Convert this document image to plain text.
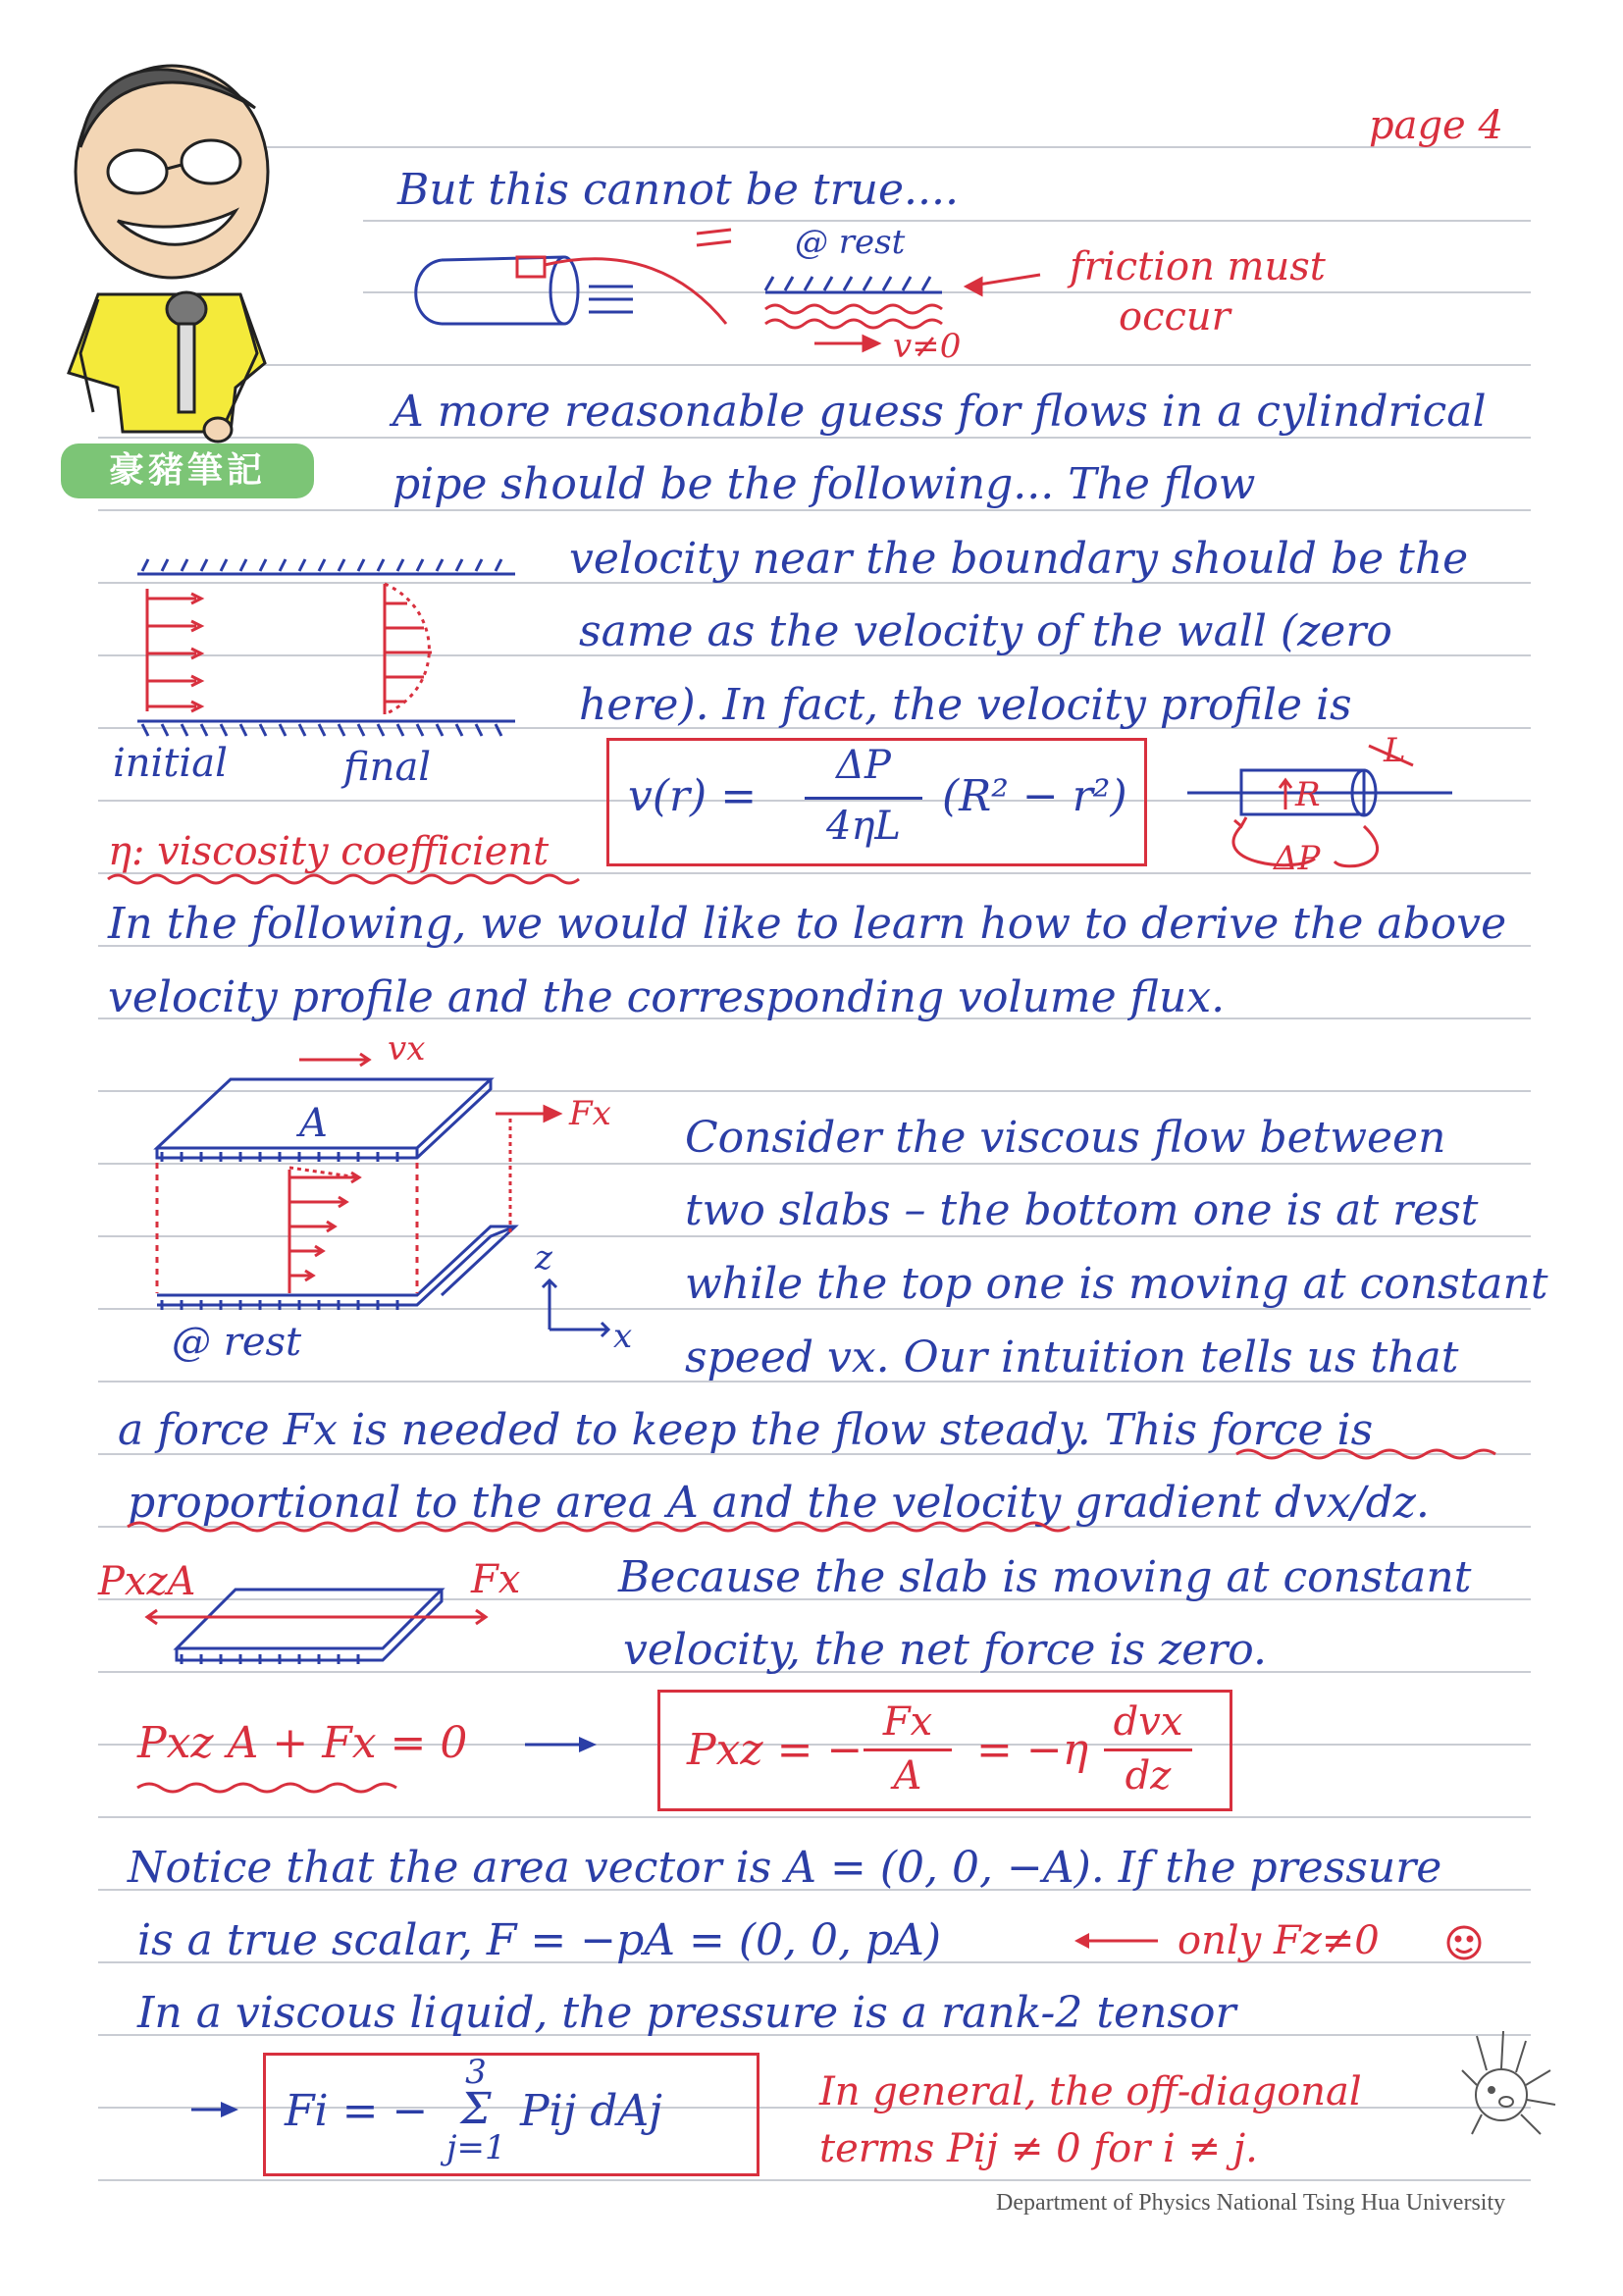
豪豬筆記
page 4
But this cannot be true....
@ rest
friction must
occur
v≠0
A more reasonable guess for flows in a cylindrical
pipe should be the following... The flow
velocity near the boundary should be the
same as the velocity of the wall (zero
here). In fact, the velocity profile is
initial	final
v(r) =
ΔP
4ηL
(R² − r²)	R
L
ΔP
η: viscosity coefficient
In the following, we would like to learn how to derive the above
velocity profile and the corresponding volume flux.
vx
A	Fx
@ rest
z
x
Consider the viscous flow between
two slabs – the bottom one is at rest
while the top one is moving at constant
speed vx. Our intuition tells us that
a force Fx is needed to keep the flow steady. This force is
proportional to the area A and the velocity gradient dvx/dz.
PxzA	Fx Because the slab is moving at constant
velocity, the net force is zero.
Pxz A + Fx = 0	Pxz = −
Fx
A
= −η
dvx
dz
Notice that the area vector is A = (0, 0, −A). If the pressure
is a true scalar, F = −pA = (0, 0, pA)	only Fz≠0
In a viscous liquid, the pressure is a rank-2 tensor
Fi = −
3
Σ
j=1
Pij dAj	In general, the off-diagonal
terms Pij ≠ 0 for i ≠ j.
Department of Physics National Tsing Hua University
